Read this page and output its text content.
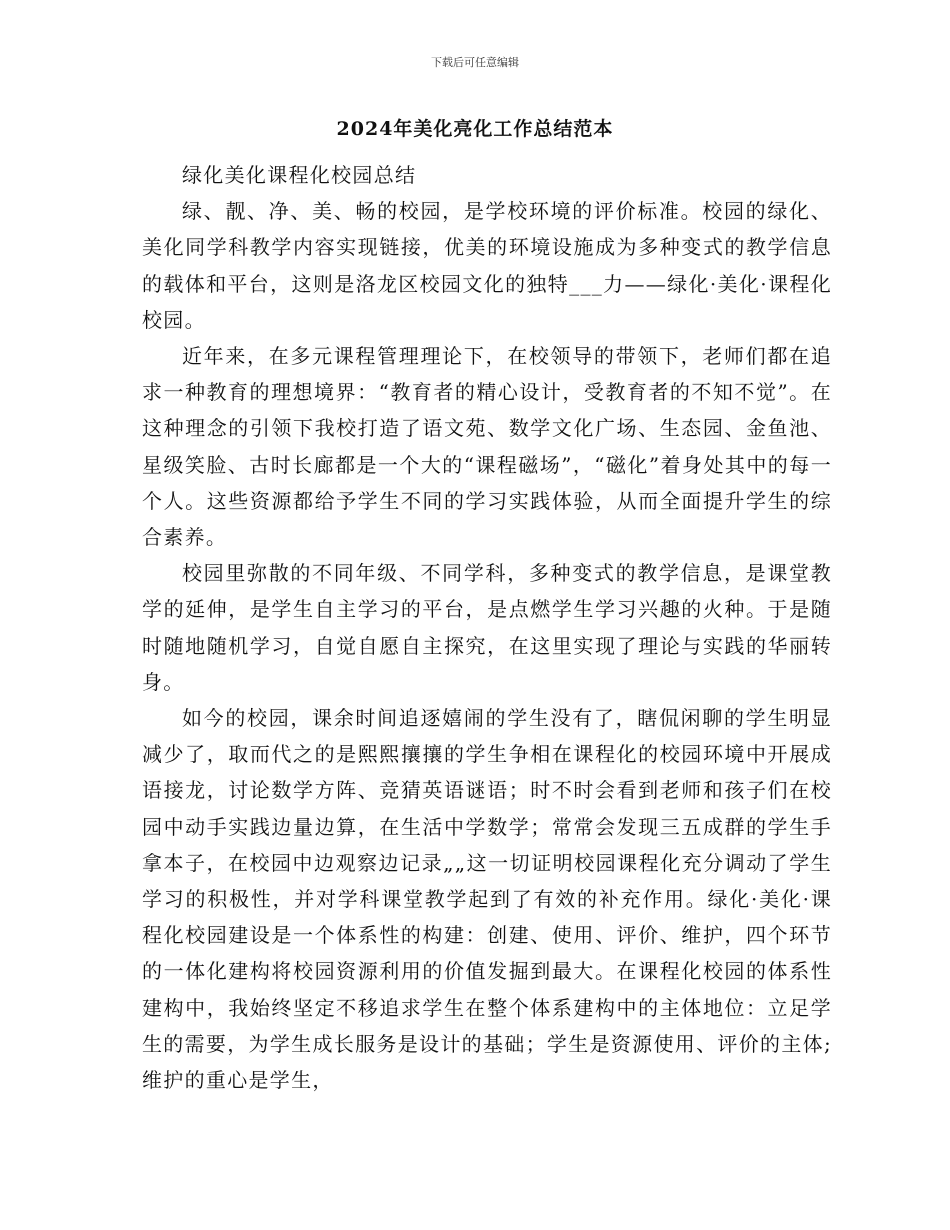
下载后可任意编辑
2024年美化亮化工作总结范本

绿化美化课程化校园总结

绿、靓、净、美、畅的校园，是学校环境的评价标准。校园的绿化、美化同学科教学内容实现链接，优美的环境设施成为多种变式的教学信息的载体和平台，这则是洛龙区校园文化的独特___力——绿化·美化·课程化校园。

近年来，在多元课程管理理论下，在校领导的带领下，老师们都在追求一种教育的理想境界：“教育者的精心设计，受教育者的不知不觉”。在这种理念的引领下我校打造了语文苑、数学文化广场、生态园、金鱼池、星级笑脸、古时长廊都是一个大的“课程磁场”，“磁化”着身处其中的每一个人。这些资源都给予学生不同的学习实践体验，从而全面提升学生的综合素养。

校园里弥散的不同年级、不同学科，多种变式的教学信息，是课堂教学的延伸，是学生自主学习的平台，是点燃学生学习兴趣的火种。于是随时随地随机学习，自觉自愿自主探究，在这里实现了理论与实践的华丽转身。

如今的校园，课余时间追逐嬉闹的学生没有了，瞎侃闲聊的学生明显减少了，取而代之的是熙熙攘攘的学生争相在课程化的校园环境中开展成语接龙，讨论数学方阵、竞猜英语谜语；时不时会看到老师和孩子们在校园中动手实践边量边算，在生活中学数学；常常会发现三五成群的学生手拿本子，在校园中边观察边记录„„这一切证明校园课程化充分调动了学生学习的积极性，并对学科课堂教学起到了有效的补充作用。绿化·美化·课程化校园建设是一个体系性的构建：创建、使用、评价、维护，四个环节的一体化建构将校园资源利用的价值发掘到最大。在课程化校园的体系性建构中，我始终坚定不移追求学生在整个体系建构中的主体地位：立足学生的需要，为学生成长服务是设计的基础；学生是资源使用、评价的主体;维护的重心是学生，
